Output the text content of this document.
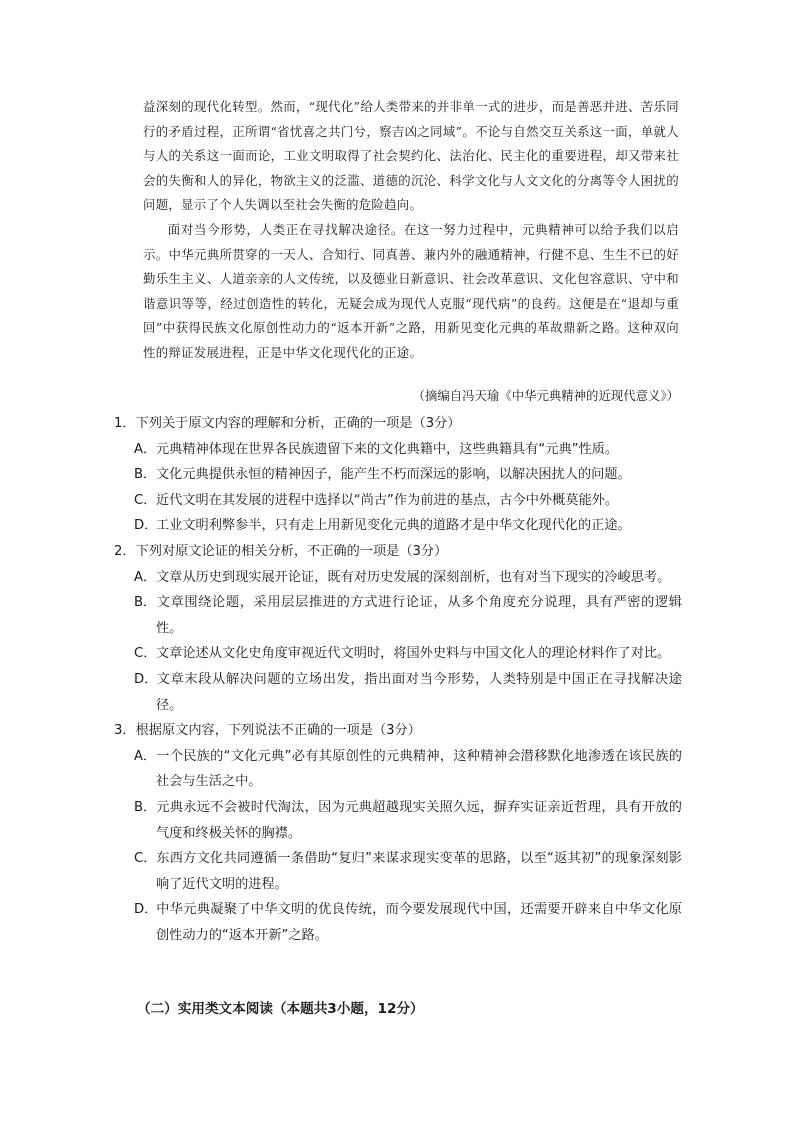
益深刻的现代化转型。然而，“现代化”给人类带来的并非单一式的进步，而是善恶并进、苦乐同行的矛盾过程，正所谓“省忧喜之共门兮，察吉凶之同域”。不论与自然交互关系这一面，单就人与人的关系这一面而论，工业文明取得了社会契约化、法治化、民主化的重要进程，却又带来社会的失衡和人的异化，物欲主义的泛滥、道德的沉沦、科学文化与人文文化的分离等令人困扰的问题，显示了个人失调以至社会失衡的危险趋向。

面对当今形势，人类正在寻找解决途径。在这一努力过程中，元典精神可以给予我们以启示。中华元典所贯穿的一天人、合知行、同真善、兼内外的融通精神，行健不息、生生不已的好勤乐生主义、人道亲亲的人文传统，以及德业日新意识、社会改革意识、文化包容意识、守中和谐意识等等，经过创造性的转化，无疑会成为现代人克服“现代病”的良药。这便是在“退却与重回”中获得民族文化原创性动力的“返本开新”之路，用新见变化元典的革故鼎新之路。这种双向性的辩证发展进程，正是中华文化现代化的正途。

（摘编自冯天瑜《中华元典精神的近现代意义》）

1．下列关于原文内容的理解和分析，正确的一项是（3分）

A．元典精神体现在世界各民族遗留下来的文化典籍中，这些典籍具有“元典”性质。

B．文化元典提供永恒的精神因子，能产生不朽而深远的影响，以解决困扰人的问题。

C．近代文明在其发展的进程中选择以“尚古”作为前进的基点，古今中外概莫能外。

D．工业文明利弊参半，只有走上用新见变化元典的道路才是中华文化现代化的正途。

2．下列对原文论证的相关分析，不正确的一项是（3分）

A．文章从历史到现实展开论证，既有对历史发展的深刻剖析，也有对当下现实的冷峻思考。

B．文章围绕论题，采用层层推进的方式进行论证，从多个角度充分说理，具有严密的逻辑性。

C．文章论述从文化史角度审视近代文明时，将国外史料与中国文化人的理论材料作了对比。

D．文章末段从解决问题的立场出发，指出面对当今形势，人类特别是中国正在寻找解决途径。

3．根据原文内容，下列说法不正确的一项是（3分）

A．一个民族的“文化元典”必有其原创性的元典精神，这种精神会潜移默化地渗透在该民族的社会与生活之中。

B．元典永远不会被时代淘汰，因为元典超越现实关照久远，摒弃实证亲近哲理，具有开放的气度和终极关怀的胸襟。

C．东西方文化共同遵循一条借助“复归”来谋求现实变革的思路，以至“返其初”的现象深刻影响了近代文明的进程。

D．中华元典凝聚了中华文明的优良传统，而今要发展现代中国，还需要开辟来自中华文化原创性动力的“返本开新”之路。

（二）实用类文本阅读（本题共3小题，12分）
